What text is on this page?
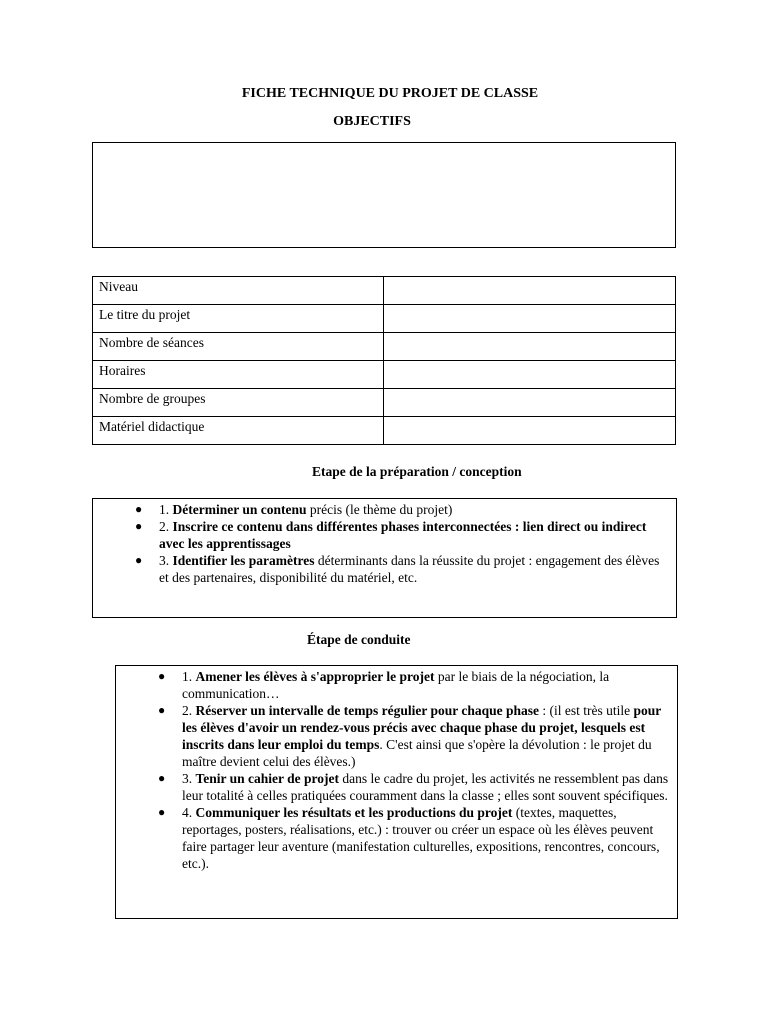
FICHE TECHNIQUE DU PROJET DE CLASSE
OBJECTIFS
Niveau	
Le titre du projet	
Nombre de séances	
Horaires	
Nombre de groupes	
Matériel didactique	
Etape de la préparation / conception
● 1. Déterminer un contenu précis (le thème du projet)
● 2. Inscrire ce contenu dans différentes phases interconnectées : lien direct ou indirect avec les apprentissages
● 3. Identifier les paramètres déterminants dans la réussite du projet : engagement des élèves et des partenaires, disponibilité du matériel, etc.
Étape de conduite
● 1. Amener les élèves à s'approprier le projet par le biais de la négociation, la communication…
● 2. Réserver un intervalle de temps régulier pour chaque phase : (il est très utile pour les élèves d'avoir un rendez-vous précis avec chaque phase du projet, lesquels est inscrits dans leur emploi du temps. C'est ainsi que s'opère la dévolution : le projet du maître devient celui des élèves.)
● 3. Tenir un cahier de projet dans le cadre du projet, les activités ne ressemblent pas dans leur totalité à celles pratiquées couramment dans la classe ; elles sont souvent spécifiques.
● 4. Communiquer les résultats et les productions du projet (textes, maquettes, reportages, posters, réalisations, etc.) : trouver ou créer un espace où les élèves peuvent faire partager leur aventure (manifestation culturelles, expositions, rencontres, concours, etc.).
